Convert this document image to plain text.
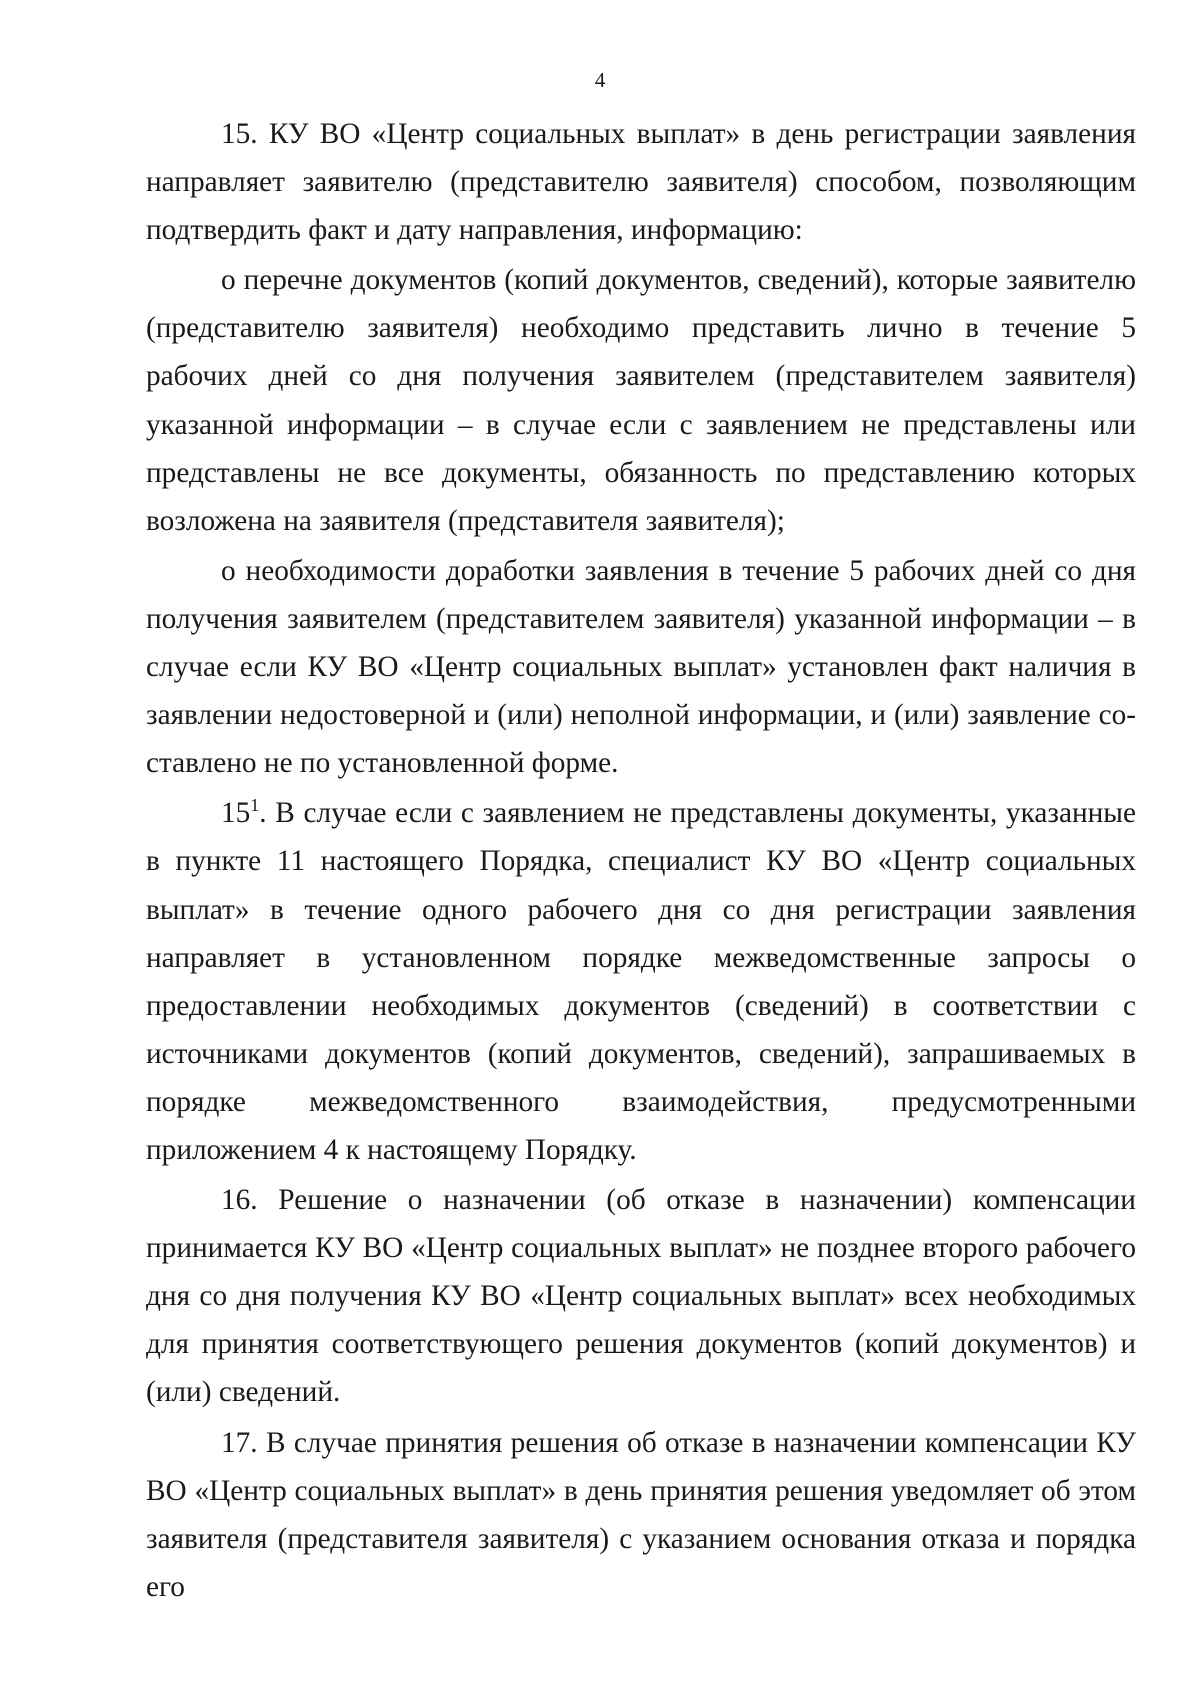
4

15. КУ ВО «Центр социальных выплат» в день регистрации заявления направляет заявителю (представителю заявителя) способом, позволяющим подтвердить факт и дату направления, информацию:

о перечне документов (копий документов, сведений), которые заявителю (представителю заявителя) необходимо представить лично в течение 5 рабочих дней со дня получения заявителем (представителем заявителя) указанной информации – в случае если с заявлением не представлены или представлены не все документы, обязанность по представлению которых возложена на заявителя (представителя заявителя);

о необходимости доработки заявления в течение 5 рабочих дней со дня получения заявителем (представителем заявителя) указанной информации – в случае если КУ ВО «Центр социальных выплат» установлен факт наличия в заявлении недостоверной и (или) неполной информации, и (или) заявление составлено не по установленной форме.

$15^1$. В случае если с заявлением не представлены документы, указанные в пункте 11 настоящего Порядка, специалист КУ ВО «Центр социальных выплат» в течение одного рабочего дня со дня регистрации заявления направляет в установленном порядке межведомственные запросы о предоставлении необходимых документов (сведений) в соответствии с источниками документов (копий документов, сведений), запрашиваемых в порядке межведомственного взаимодействия, предусмотренными приложением 4 к настоящему Порядку.

16. Решение о назначении (об отказе в назначении) компенсации принимается КУ ВО «Центр социальных выплат» не позднее второго рабочего дня со дня получения КУ ВО «Центр социальных выплат» всех необходимых для принятия соответствующего решения документов (копий документов) и (или) сведений.

17. В случае принятия решения об отказе в назначении компенсации КУ ВО «Центр социальных выплат» в день принятия решения уведомляет об этом заявителя (представителя заявителя) с указанием основания отказа и порядка его
